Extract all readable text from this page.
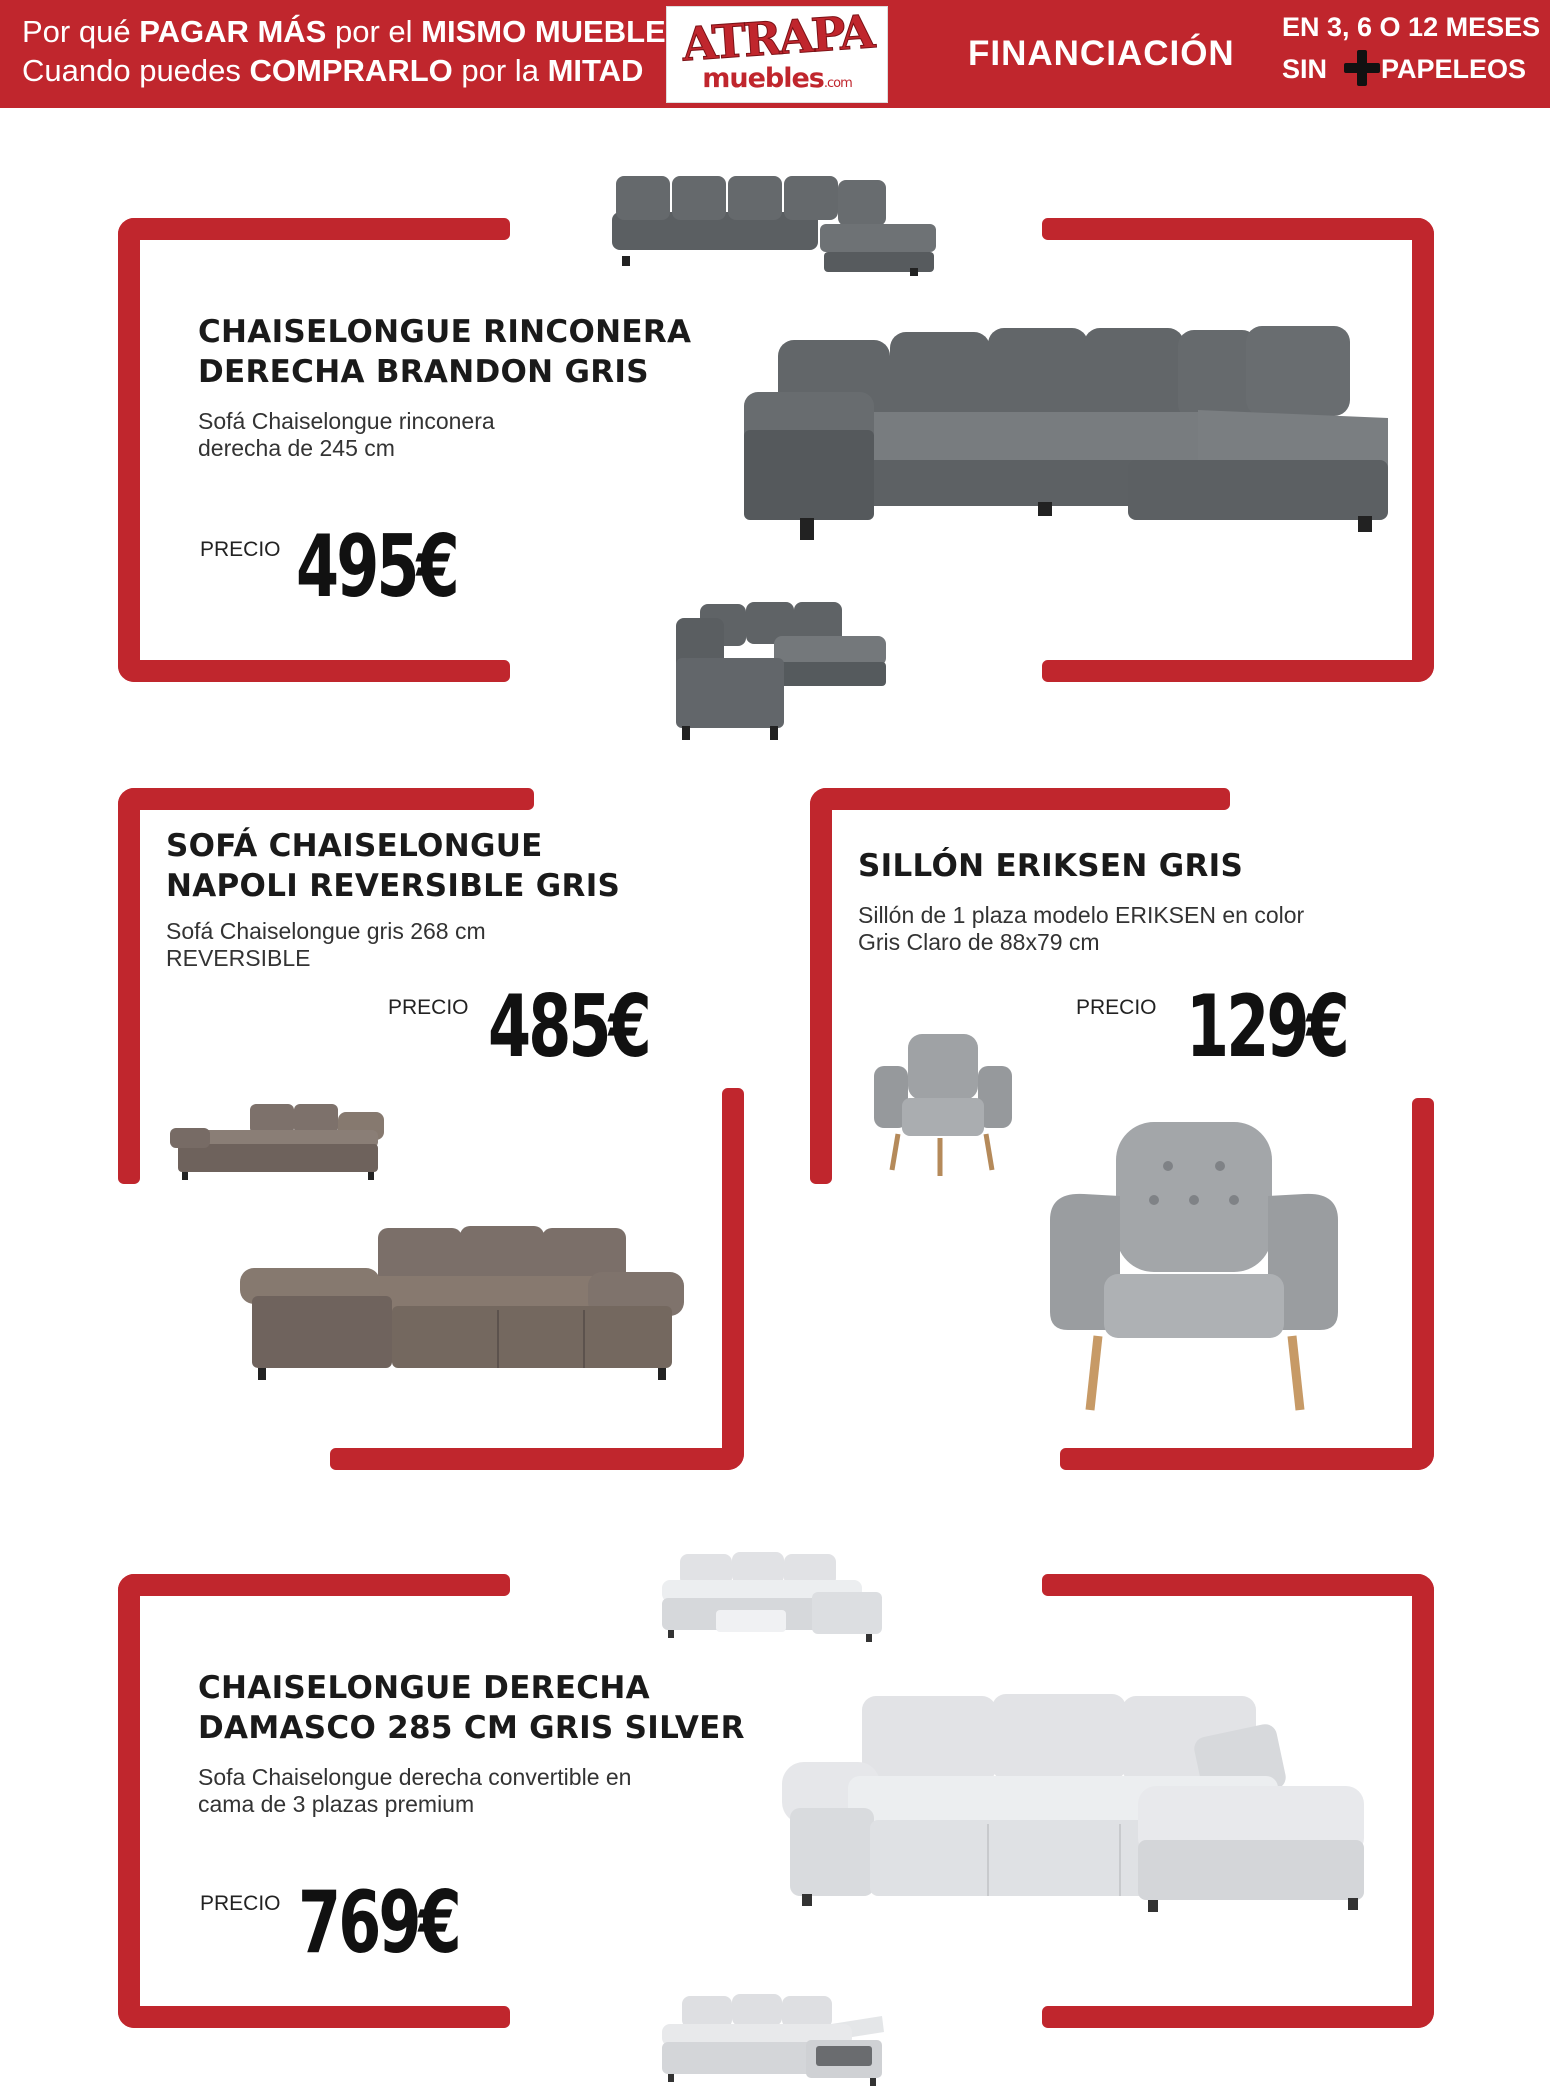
Por qué PAGAR MÁS por el MISMO MUEBLE
Cuando puedes COMPRARLO por la MITAD ATRAPA
muebles.com
FINANCIACIÓN
EN 3, 6 O 12 MESES
SIN PAPELEOS
CHAISELONGUE RINCONERA
DERECHA BRANDON GRIS
Sofá Chaiselongue rinconera
derecha de 245 cm
PRECIO 495€
SOFÁ CHAISELONGUE
NAPOLI REVERSIBLE GRIS
Sofá Chaiselongue gris 268 cm
REVERSIBLE
PRECIO 485€
SILLÓN ERIKSEN GRIS
Sillón de 1 plaza modelo ERIKSEN en color
Gris Claro de 88x79 cm
PRECIO 129€
CHAISELONGUE DERECHA
DAMASCO 285 CM GRIS SILVER
Sofa Chaiselongue derecha convertible en
cama de 3 plazas premium
PRECIO 769€
